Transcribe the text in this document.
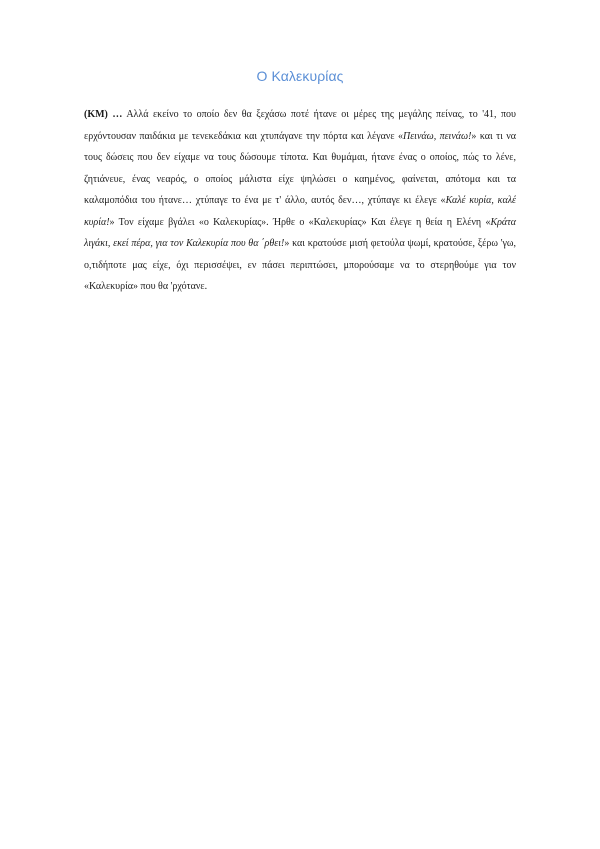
Ο Καλεκυρίας

(ΚΜ) … Αλλά εκείνο το οποίο δεν θα ξεχάσω ποτέ ήτανε οι μέρες της μεγάλης πείνας, το '41, που ερχόντουσαν παιδάκια με τενεκεδάκια και χτυπάγανε την πόρτα και λέγανε «Πεινάω, πεινάω!» και τι να τους δώσεις που δεν είχαμε να τους δώσουμε τίποτα. Και θυμάμαι, ήτανε ένας ο οποίος, πώς το λένε, ζητιάνευε, ένας νεαρός, ο οποίος μάλιστα είχε ψηλώσει ο καημένος, φαίνεται, απότομα και τα καλαμοπόδια του ήτανε… χτύπαγε το ένα με τ' άλλο, αυτός δεν…, χτύπαγε κι έλεγε «Καλέ κυρία, καλέ κυρία!» Τον είχαμε βγάλει «ο Καλεκυρίας». Ήρθε ο «Καλεκυρίας» Και έλεγε η θεία η Ελένη «Κράτα λιγάκι, εκεί πέρα, για τον Καλεκυρία που θα ΄ρθει!» και κρατούσε μισή φετούλα ψωμί, κρατούσε, ξέρω 'γω, ο,τιδήποτε μας είχε, όχι περισσέψει, εν πάσει περιπτώσει, μπορούσαμε να το στερηθούμε για τον «Καλεκυρία» που θα 'ρχότανε.
